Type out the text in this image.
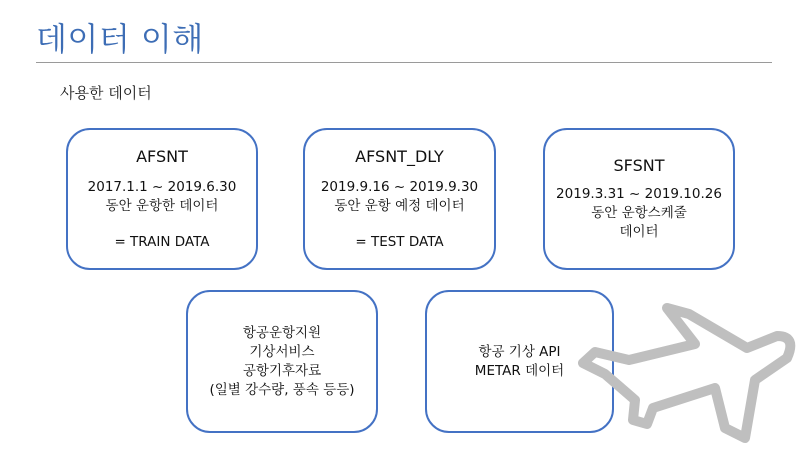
데이터 이해
사용한 데이터
AFSNT
2017.1.1 ~ 2019.6.30
동안 운항한 데이터
= TRAIN DATA
AFSNT_DLY
2019.9.16 ~ 2019.9.30
동안 운항 예정 데이터
= TEST DATA
SFSNT
2019.3.31 ~ 2019.10.26
동안 운항스케줄
데이터
항공운항지원
기상서비스
공항기후자료
(일별 강수량, 풍속 등등)
항공 기상 API
METAR 데이터
